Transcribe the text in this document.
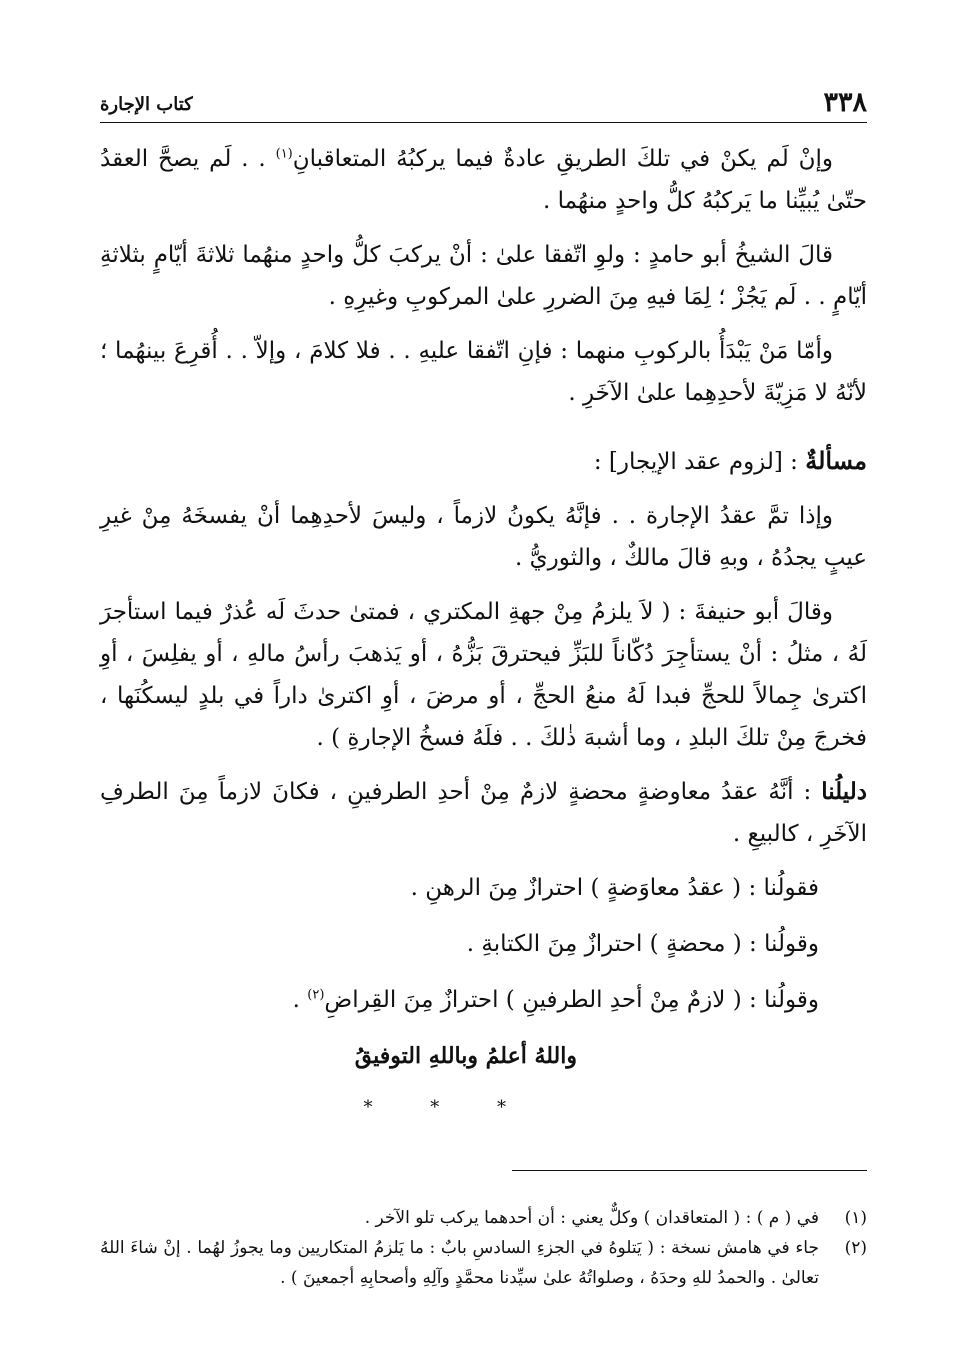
٣٣٨
كتاب الإجارة

وإنْ لَم يكنْ في تلكَ الطريقِ عادةٌ فيما يركبُهُ المتعاقبانِ$^{(١)}$ . . لَم يصحَّ العقدُ حتّىٰ يُبيِّنا ما يَركبُهُ كلُّ واحدٍ منهُما .

قالَ الشيخُ أبو حامدٍ : ولوِ اتّفقا علىٰ : أنْ يركبَ كلُّ واحدٍ منهُما ثلاثةَ أيّامٍ بثلاثةِ أيّامٍ . . لَم يَجُزْ ؛ لِمَا فيهِ مِنَ الضررِ علىٰ المركوبِ وغيرِهِ .

وأمّا مَنْ يَبْدَأُ بالركوبِ منهما : فإنِ اتّفقا عليهِ . . فلا كلامَ ، وإلاّ . . أُقرِعَ بينهُما ؛ لأنّهُ لا مَزِيّةَ لأحدِهِما علىٰ الآخَرِ .

مسألةٌ : [لزوم عقد الإيجار] :

وإذا تمَّ عقدُ الإجارة . . فإنَّهُ يكونُ لازماً ، وليسَ لأحدِهِما أنْ يفسخَهُ مِنْ غيرِ عيبٍ يجدُهُ ، وبهِ قالَ مالكٌ ، والثوريُّ .

وقالَ أبو حنيفةَ : ( لاَ يلزمُ مِنْ جهةِ المكتري ، فمتىٰ حدثَ لَه عُذرٌ فيما استأجرَ لَهُ ، مثلُ : أنْ يستأجِرَ دُكّاناً للبَزِّ فيحترقَ بَزُّهُ ، أو يَذهبَ رأسُ مالهِ ، أو يفلِسَ ، أوِ اكترىٰ جِمالاً للحجِّ فبدا لَهُ منعُ الحجِّ ، أو مرضَ ، أوِ اكترىٰ داراً في بلدٍ ليسكُنَها ، فخرجَ مِنْ تلكَ البلدِ ، وما أشبهَ ذٰلكَ . . فلَهُ فسخُ الإجارةِ ) .

دليلُنا : أنَّهُ عقدُ معاوضةٍ محضةٍ لازمٌ مِنْ أحدِ الطرفينِ ، فكانَ لازماً مِنَ الطرفِ الآخَرِ ، كالبيعِ .

فقولُنا : ( عقدُ معاوَضةٍ ) احترازٌ مِنَ الرهنِ .

وقولُنا : ( محضةٍ ) احترازٌ مِنَ الكتابةِ .

وقولُنا : ( لازمٌ مِنْ أحدِ الطرفينِ ) احترازٌ مِنَ القِراضِ$^{(٢)}$ .

واللهُ أعلمُ وباللهِ التوفيقُ

* * *

(١)
في ( م ) : ( المتعاقدان ) وكلٌّ يعني : أن أحدهما يركب تلو الآخر .

(٢)
جاء في هامش نسخة : ( يَتلوهُ في الجزءِ السادسِ بابٌ : ما يَلزمُ المتكاريين وما يجوزُ لهُما . إنْ شاءَ اللهُ تعالىٰ . والحمدُ للهِ وحدَهُ ، وصلواتُهُ علىٰ سيِّدنا محمَّدٍ وآلِهِ وأصحابِهِ أجمعينَ ) .
